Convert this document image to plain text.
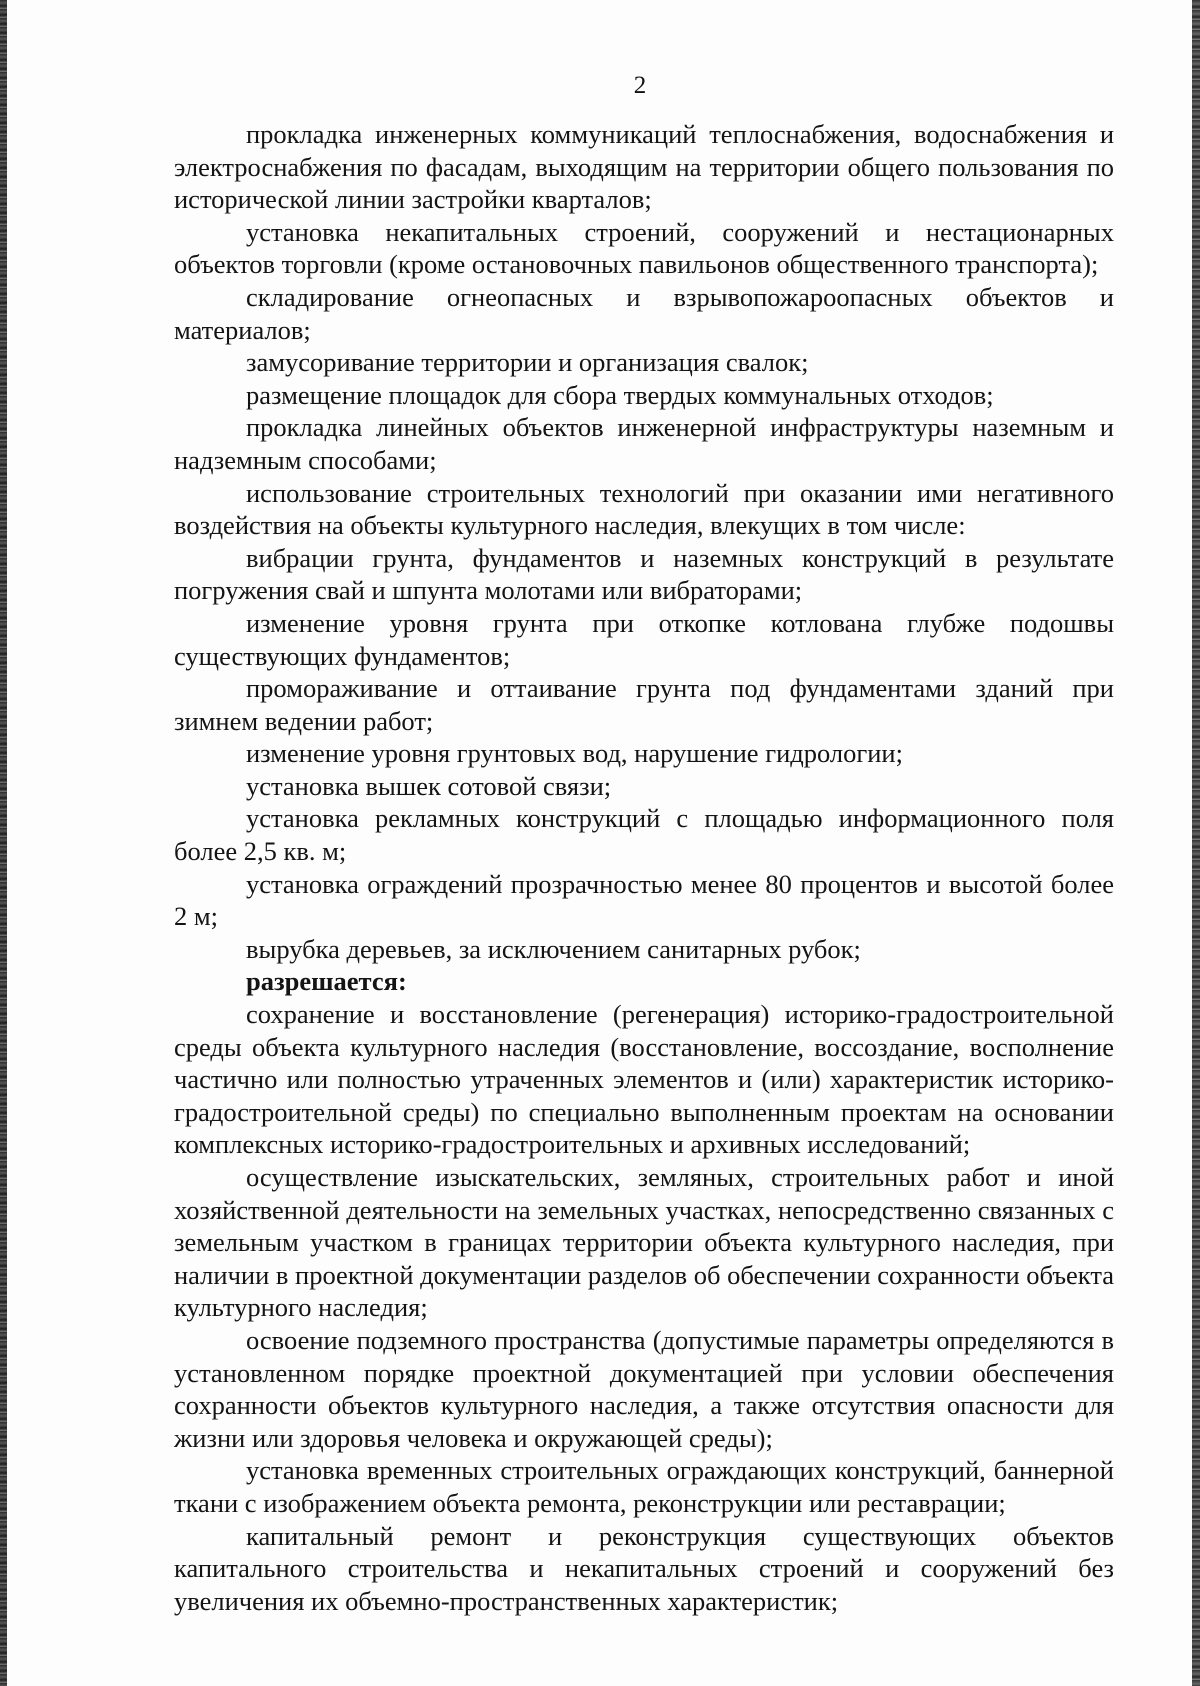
2

прокладка инженерных коммуникаций теплоснабжения, водоснабжения и электроснабжения по фасадам, выходящим на территории общего пользования по исторической линии застройки кварталов;

установка некапитальных строений, сооружений и нестационарных объектов торговли (кроме остановочных павильонов общественного транспорта);

складирование огнеопасных и взрывопожароопасных объектов и материалов;

замусоривание территории и организация свалок;

размещение площадок для сбора твердых коммунальных отходов;

прокладка линейных объектов инженерной инфраструктуры наземным и надземным способами;

использование строительных технологий при оказании ими негативного воздействия на объекты культурного наследия, влекущих в том числе:

вибрации грунта, фундаментов и наземных конструкций в результате погружения свай и шпунта молотами или вибраторами;

изменение уровня грунта при откопке котлована глубже подошвы существующих фундаментов;

промораживание и оттаивание грунта под фундаментами зданий при зимнем ведении работ;

изменение уровня грунтовых вод, нарушение гидрологии;

установка вышек сотовой связи;

установка рекламных конструкций с площадью информационного поля более 2,5 кв. м;

установка ограждений прозрачностью менее 80 процентов и высотой более 2 м;

вырубка деревьев, за исключением санитарных рубок;

разрешается:

сохранение и восстановление (регенерация) историко-градостроительной среды объекта культурного наследия (восстановление, воссоздание, восполнение частично или полностью утраченных элементов и (или) характеристик историко-градостроительной среды) по специально выполненным проектам на основании комплексных историко-градостроительных и архивных исследований;

осуществление изыскательских, земляных, строительных работ и иной хозяйственной деятельности на земельных участках, непосредственно связанных с земельным участком в границах территории объекта культурного наследия, при наличии в проектной документации разделов об обеспечении сохранности объекта культурного наследия;

освоение подземного пространства (допустимые параметры определяются в установленном порядке проектной документацией при условии обеспечения сохранности объектов культурного наследия, а также отсутствия опасности для жизни или здоровья человека и окружающей среды);

установка временных строительных ограждающих конструкций, баннерной ткани с изображением объекта ремонта, реконструкции или реставрации;

капитальный ремонт и реконструкция существующих объектов капитального строительства и некапитальных строений и сооружений без увеличения их объемно-пространственных характеристик;
